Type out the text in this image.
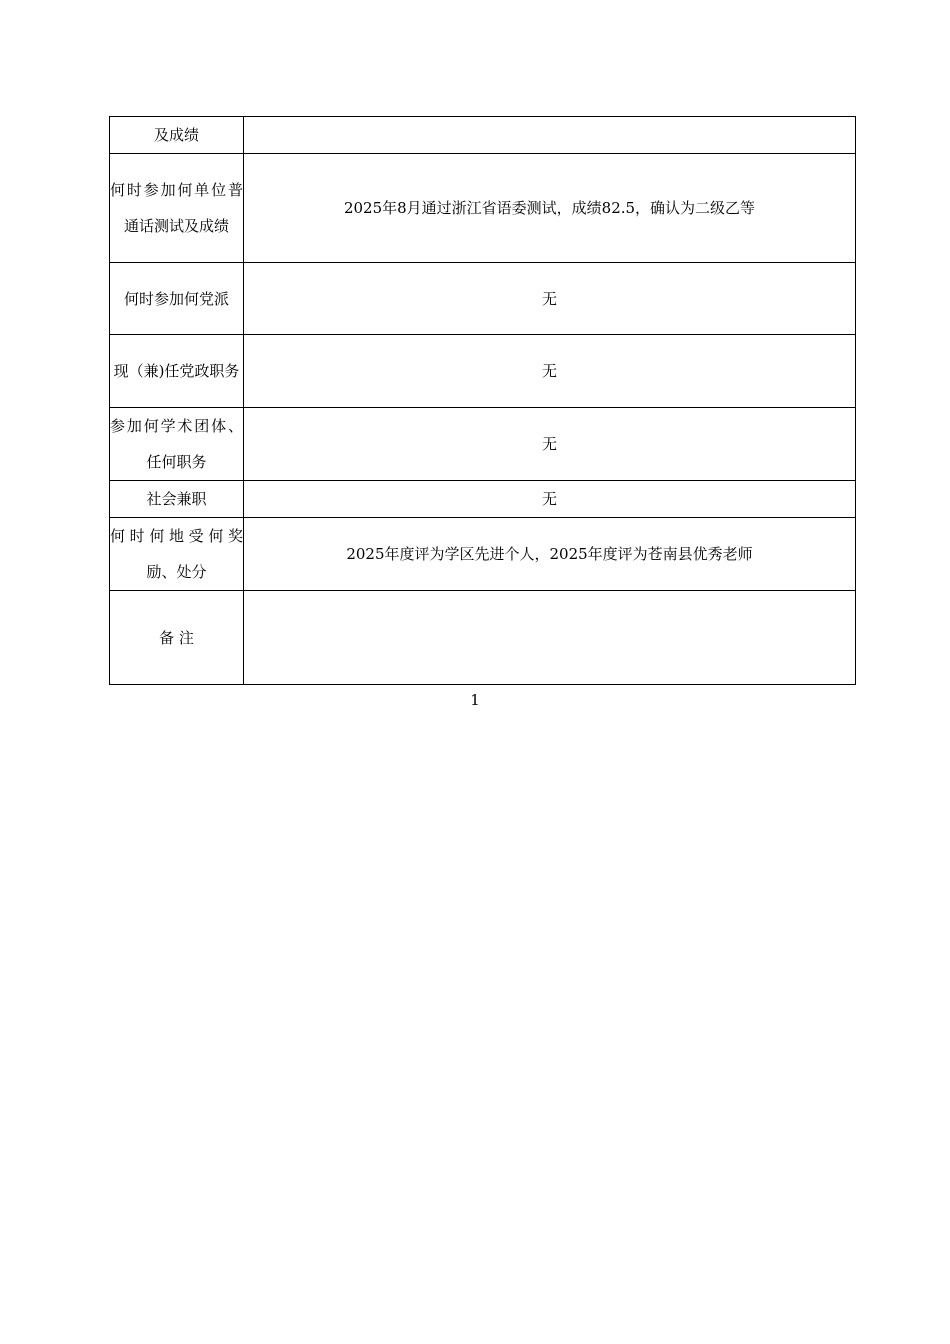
及成绩	

何时参加何单位普通话测试及成绩	2025年8月通过浙江省语委测试，成绩82.5，确认为二级乙等

何时参加何党派	无

现（兼)任党政职务	无

参加何学术团体、任何职务	无

社会兼职	无

何时何地受何奖励、处分	2025年度评为学区先进个人，2025年度评为苍南县优秀老师

备 注	

1
